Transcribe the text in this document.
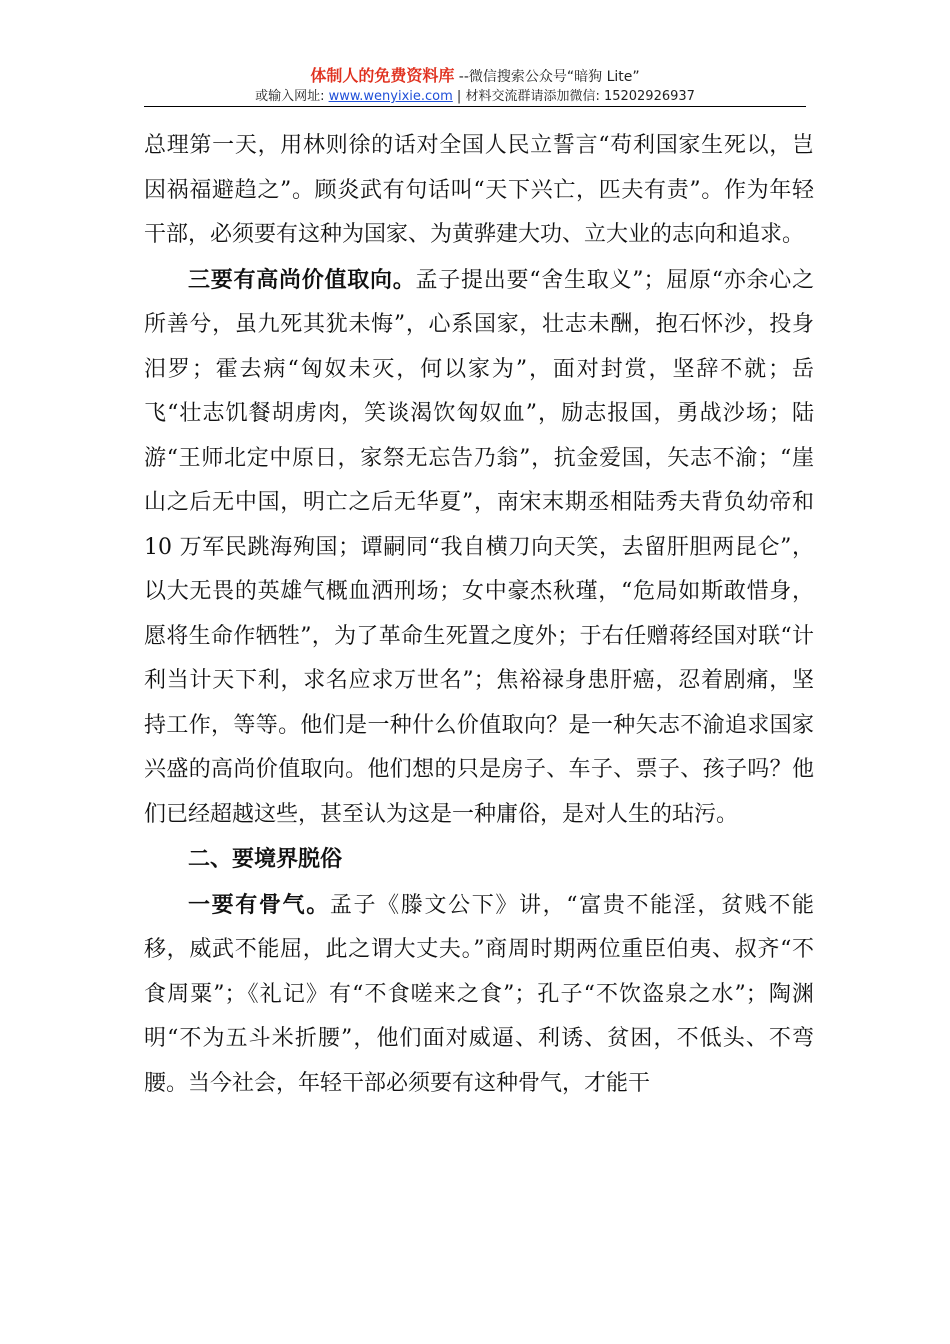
体制人的免费资料库 --微信搜索公众号“暗狗 Lite”
或输入网址: www.wenyixie.com | 材料交流群请添加微信: 15202926937

总理第一天，用林则徐的话对全国人民立誓言“苟利国家生死以，岂因祸福避趋之”。顾炎武有句话叫“天下兴亡，匹夫有责”。作为年轻干部，必须要有这种为国家、为黄骅建大功、立大业的志向和追求。

三要有高尚价值取向。孟子提出要“舍生取义”；屈原“亦余心之所善兮，虽九死其犹未悔”，心系国家，壮志未酬，抱石怀沙，投身汨罗；霍去病“匈奴未灭，何以家为”，面对封赏，坚辞不就；岳飞“壮志饥餐胡虏肉，笑谈渴饮匈奴血”，励志报国，勇战沙场；陆游“王师北定中原日，家祭无忘告乃翁”，抗金爱国，矢志不渝；“崖山之后无中国，明亡之后无华夏”，南宋末期丞相陆秀夫背负幼帝和 10 万军民跳海殉国；谭嗣同“我自横刀向天笑，去留肝胆两昆仑”，以大无畏的英雄气概血洒刑场；女中豪杰秋瑾，“危局如斯敢惜身，愿将生命作牺牲”，为了革命生死置之度外；于右任赠蒋经国对联“计利当计天下利，求名应求万世名”；焦裕禄身患肝癌，忍着剧痛，坚持工作，等等。他们是一种什么价值取向？是一种矢志不渝追求国家兴盛的高尚价值取向。他们想的只是房子、车子、票子、孩子吗？他们已经超越这些，甚至认为这是一种庸俗，是对人生的玷污。

二、要境界脱俗

一要有骨气。孟子《滕文公下》讲，“富贵不能淫，贫贱不能移，威武不能屈，此之谓大丈夫。”商周时期两位重臣伯夷、叔齐“不食周粟”；《礼记》有“不食嗟来之食”；孔子“不饮盗泉之水”；陶渊明“不为五斗米折腰”，他们面对威逼、利诱、贫困，不低头、不弯腰。当今社会，年轻干部必须要有这种骨气，才能干
